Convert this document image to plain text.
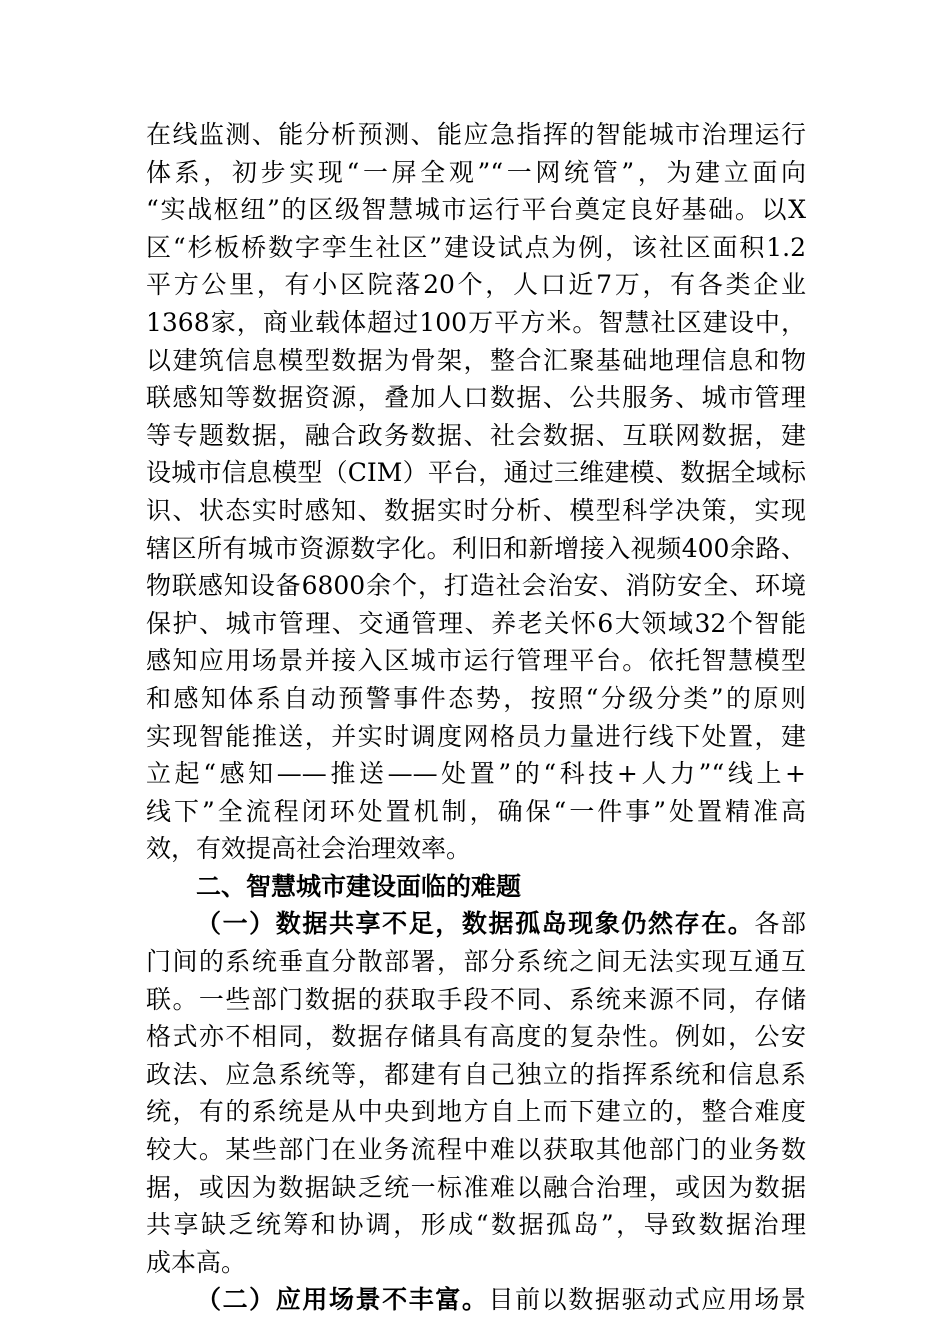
在线监测、能分析预测、能应急指挥的智能城市治理运行
体系，初步实现“一屏全观”“一网统管”，为建立面向
“实战枢纽”的区级智慧城市运行平台奠定良好基础。以X
区“杉板桥数字孪生社区”建设试点为例，该社区面积1.2
平方公里，有小区院落20个，人口近7万，有各类企业
1368家，商业载体超过100万平方米。智慧社区建设中，
以建筑信息模型数据为骨架，整合汇聚基础地理信息和物
联感知等数据资源，叠加人口数据、公共服务、城市管理
等专题数据，融合政务数据、社会数据、互联网数据，建
设城市信息模型（CIM）平台，通过三维建模、数据全域标
识、状态实时感知、数据实时分析、模型科学决策，实现
辖区所有城市资源数字化。利旧和新增接入视频400余路、
物联感知设备6800余个，打造社会治安、消防安全、环境
保护、城市管理、交通管理、养老关怀6大领域32个智能
感知应用场景并接入区城市运行管理平台。依托智慧模型
和感知体系自动预警事件态势，按照“分级分类”的原则
实现智能推送，并实时调度网格员力量进行线下处置，建
立起“感知——推送——处置”的“科技+人力”“线上+
线下”全流程闭环处置机制，确保“一件事”处置精准高
效，有效提高社会治理效率。
二、智慧城市建设面临的难题
（一）数据共享不足，数据孤岛现象仍然存在。各部
门间的系统垂直分散部署，部分系统之间无法实现互通互
联。一些部门数据的获取手段不同、系统来源不同，存储
格式亦不相同，数据存储具有高度的复杂性。例如，公安
政法、应急系统等，都建有自己独立的指挥系统和信息系
统，有的系统是从中央到地方自上而下建立的，整合难度
较大。某些部门在业务流程中难以获取其他部门的业务数
据，或因为数据缺乏统一标准难以融合治理，或因为数据
共享缺乏统筹和协调，形成“数据孤岛”，导致数据治理
成本高。
（二）应用场景不丰富。目前以数据驱动式应用场景
